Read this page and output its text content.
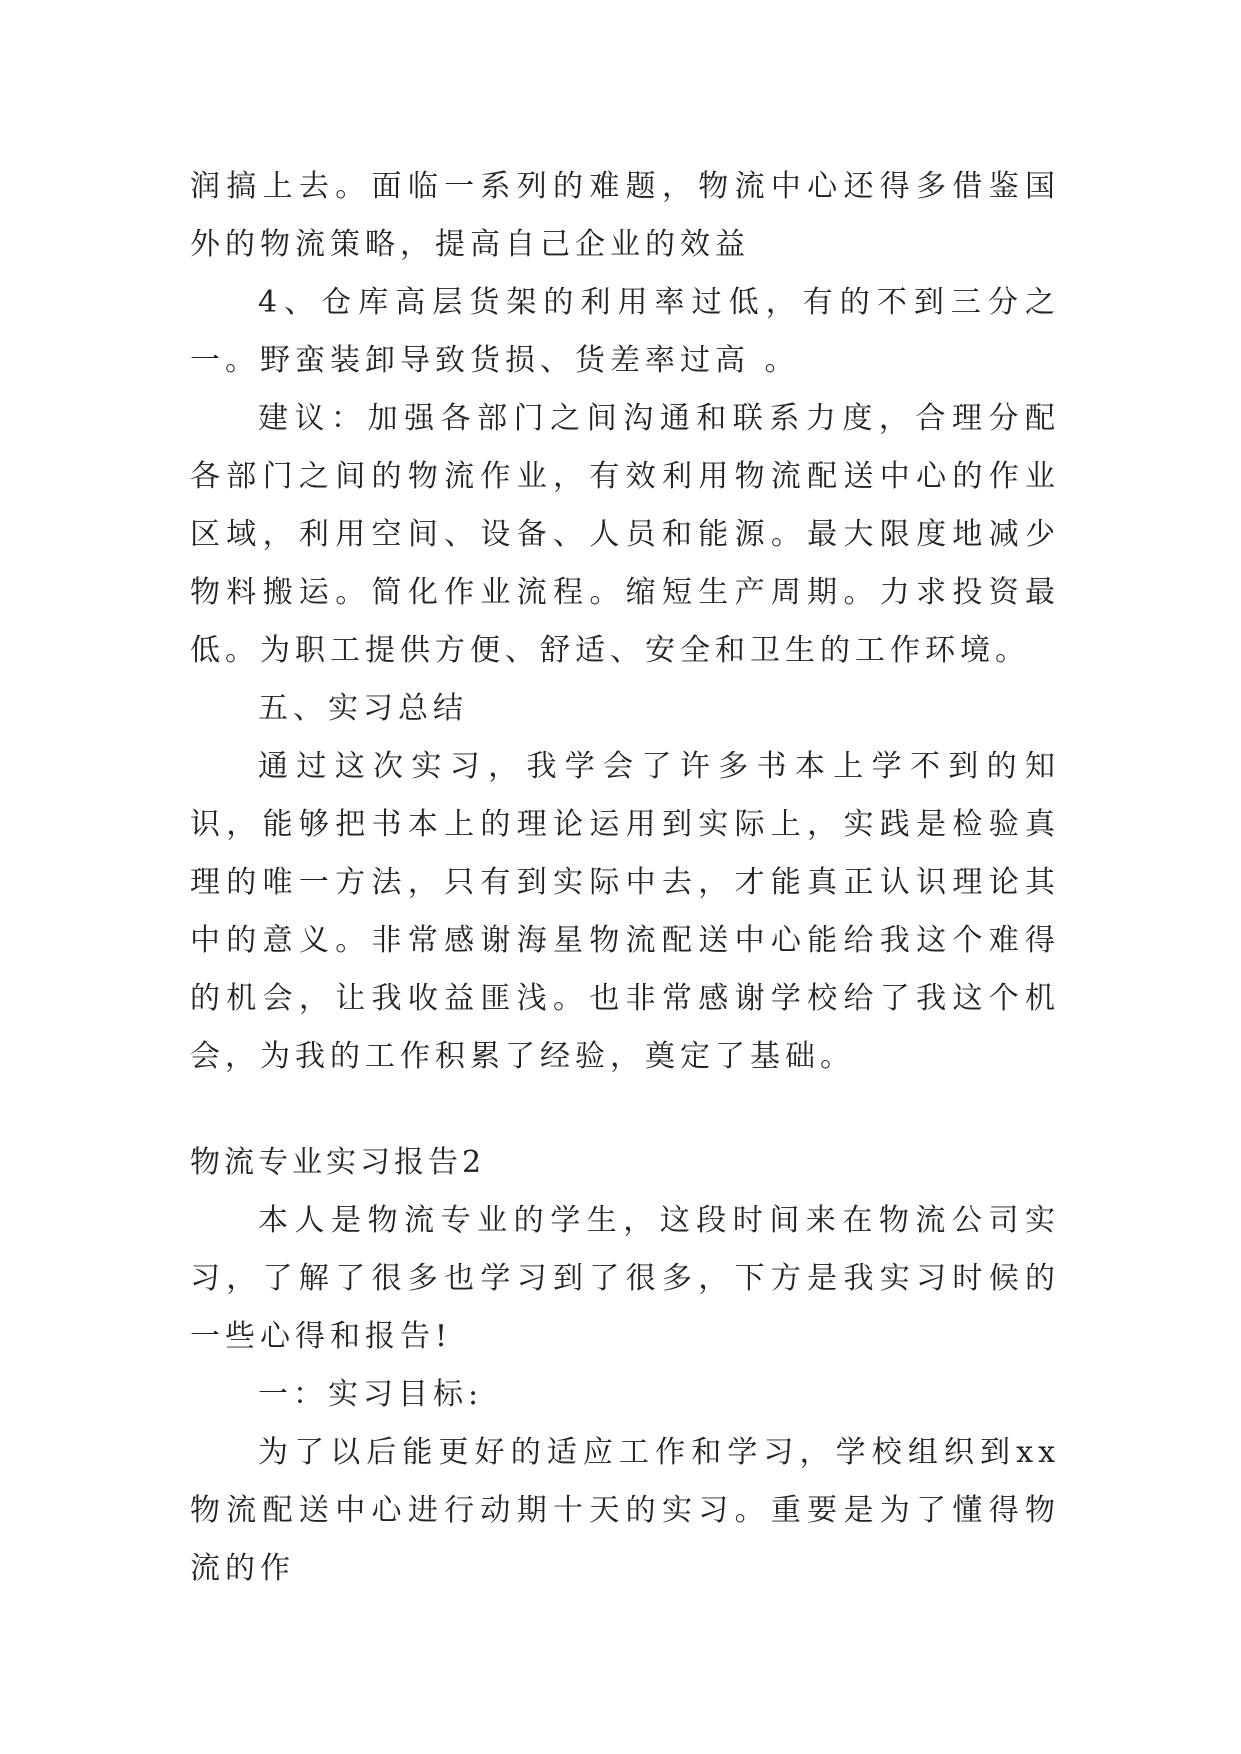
润搞上去。面临一系列的难题，物流中心还得多借鉴国外的物流策略，提高自己企业的效益

4、仓库高层货架的利用率过低，有的不到三分之一。野蛮装卸导致货损、货差率过高 。

建议：加强各部门之间沟通和联系力度，合理分配各部门之间的物流作业，有效利用物流配送中心的作业区域，利用空间、设备、人员和能源。最大限度地减少物料搬运。简化作业流程。缩短生产周期。力求投资最低。为职工提供方便、舒适、安全和卫生的工作环境。

五、实习总结

通过这次实习，我学会了许多书本上学不到的知识，能够把书本上的理论运用到实际上，实践是检验真理的唯一方法，只有到实际中去，才能真正认识理论其中的意义。非常感谢海星物流配送中心能给我这个难得的机会，让我收益匪浅。也非常感谢学校给了我这个机会，为我的工作积累了经验，奠定了基础。

物流专业实习报告2

本人是物流专业的学生，这段时间来在物流公司实习，了解了很多也学习到了很多，下方是我实习时候的一些心得和报告!

一：实习目标:

为了以后能更好的适应工作和学习，学校组织到xx物流配送中心进行动期十天的实习。重要是为了懂得物流的作
